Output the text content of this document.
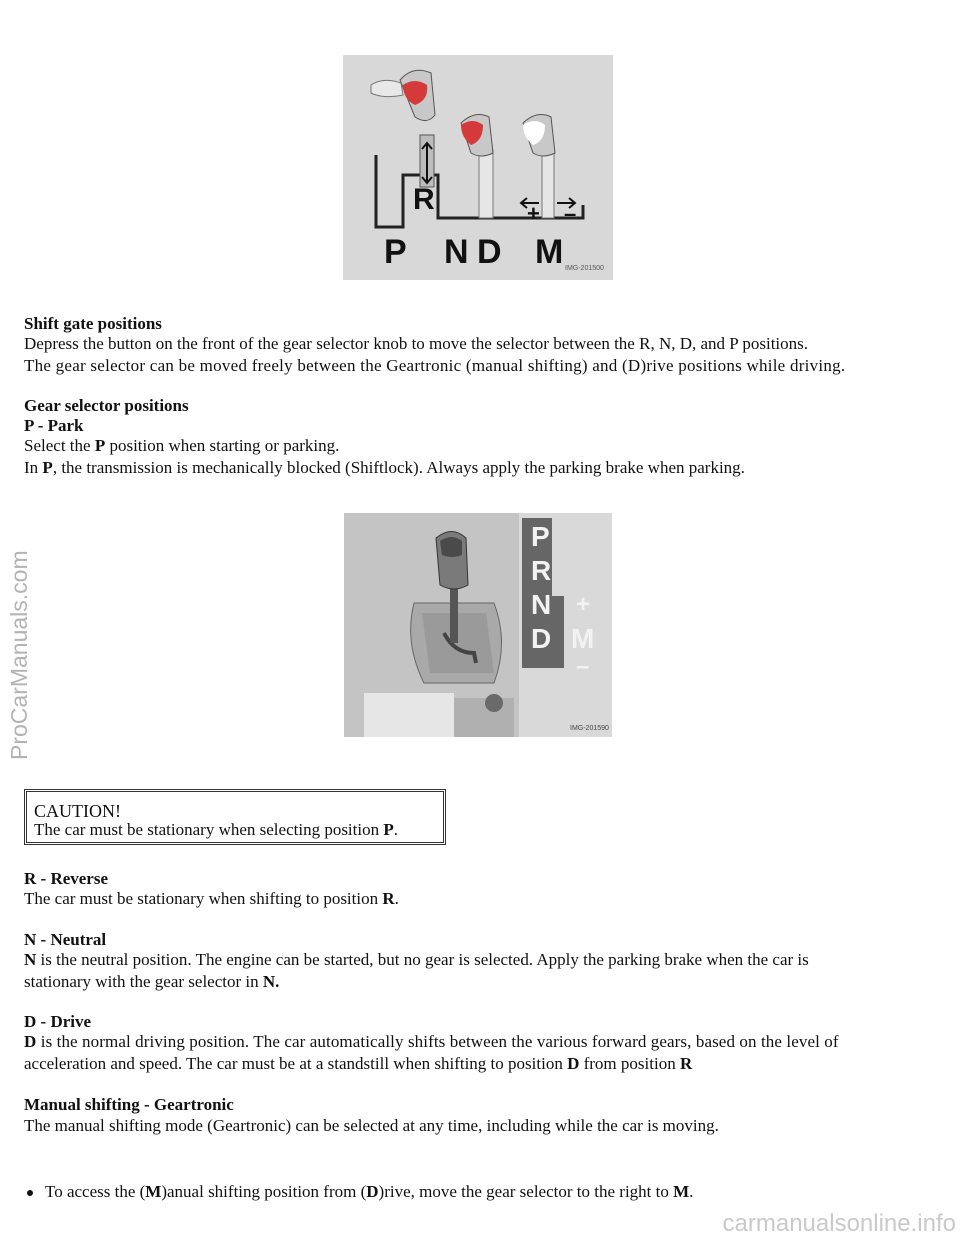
R	+ –
P N D M IMG-201500
Shift gate positions
Depress the button on the front of the gear selector knob to move the selector between the R, N, D, and P positions.
The gear selector can be moved freely between the Geartronic (manual shifting) and (D)rive positions while driving.
Gear selector positions
P - Park
Select the P position when starting or parking.
In P, the transmission is mechanically blocked (Shiftlock). Always apply the parking brake when parking.
P
R
N
D
+
M
–
IMG-201590
CAUTION!
The car must be stationary when selecting position P.
R - Reverse
The car must be stationary when shifting to position R.
N - Neutral
N is the neutral position. The engine can be started, but no gear is selected. Apply the parking brake when the car is
stationary with the gear selector in N.
D - Drive
D is the normal driving position. The car automatically shifts between the various forward gears, based on the level of
acceleration and speed. The car must be at a standstill when shifting to position D from position R
Manual shifting - Geartronic
The manual shifting mode (Geartronic) can be selected at any time, including while the car is moving.
To access the (M)anual shifting position from (D)rive, move the gear selector to the right to M.
ProCarManuals.com
carmanualsonline.info
